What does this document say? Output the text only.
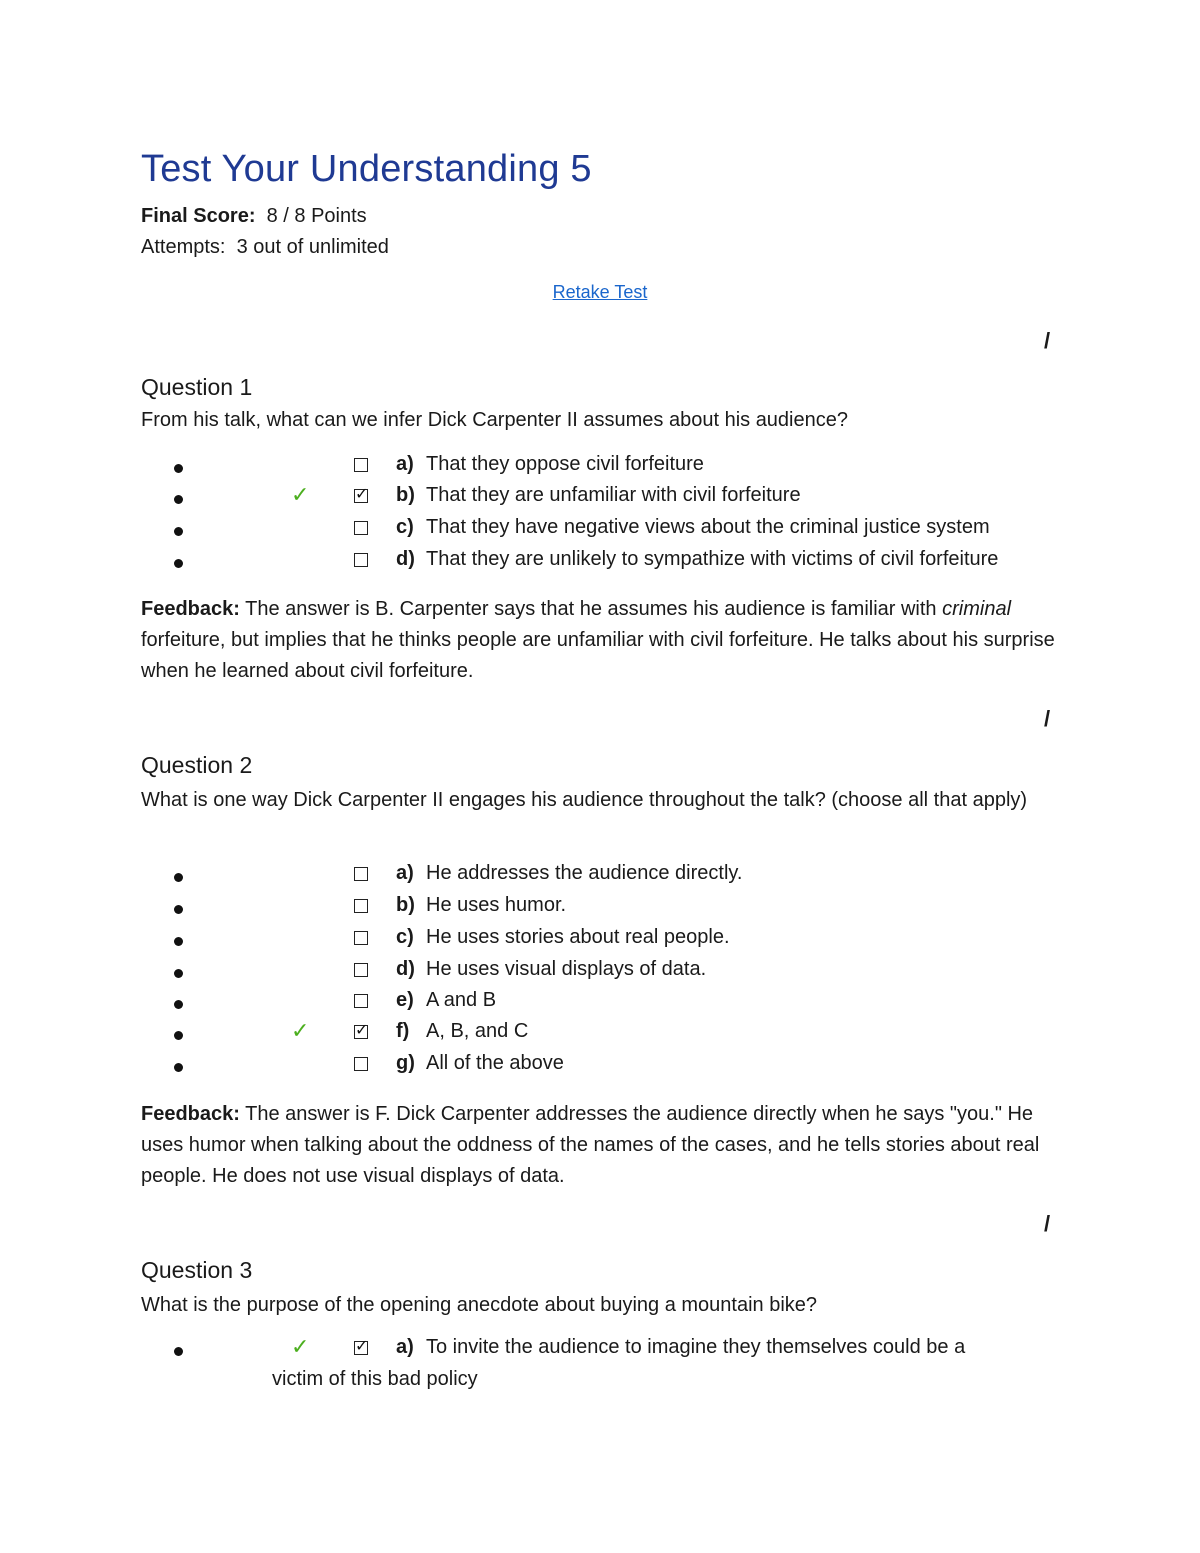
Test Your Understanding 5
Final Score: 8 / 8 Points
Attempts: 3 out of unlimited
Retake Test
/
Question 1
From his talk, what can we infer Dick Carpenter II assumes about his audience?
a) That they oppose civil forfeiture
✓ ✓	b) That they are unfamiliar with civil forfeiture
c) That they have negative views about the criminal justice system
d) That they are unlikely to sympathize with victims of civil forfeiture
Feedback: The answer is B. Carpenter says that he assumes his audience is familiar with criminal forfeiture, but implies that he thinks people are unfamiliar with civil forfeiture. He talks about his surprise when he learned about civil forfeiture.
/
Question 2
What is one way Dick Carpenter II engages his audience throughout the talk? (choose all that apply)
a) He addresses the audience directly.
b) He uses humor.
c) He uses stories about real people.
d) He uses visual displays of data.
e) A and B
✓ ✓	f) A, B, and C
g) All of the above
Feedback: The answer is F. Dick Carpenter addresses the audience directly when he says "you." He uses humor when talking about the oddness of the names of the cases, and he tells stories about real people. He does not use visual displays of data.
/
Question 3
What is the purpose of the opening anecdote about buying a mountain bike?
✓ ✓	a) To invite the audience to imagine they themselves could be a
victim of this bad policy
